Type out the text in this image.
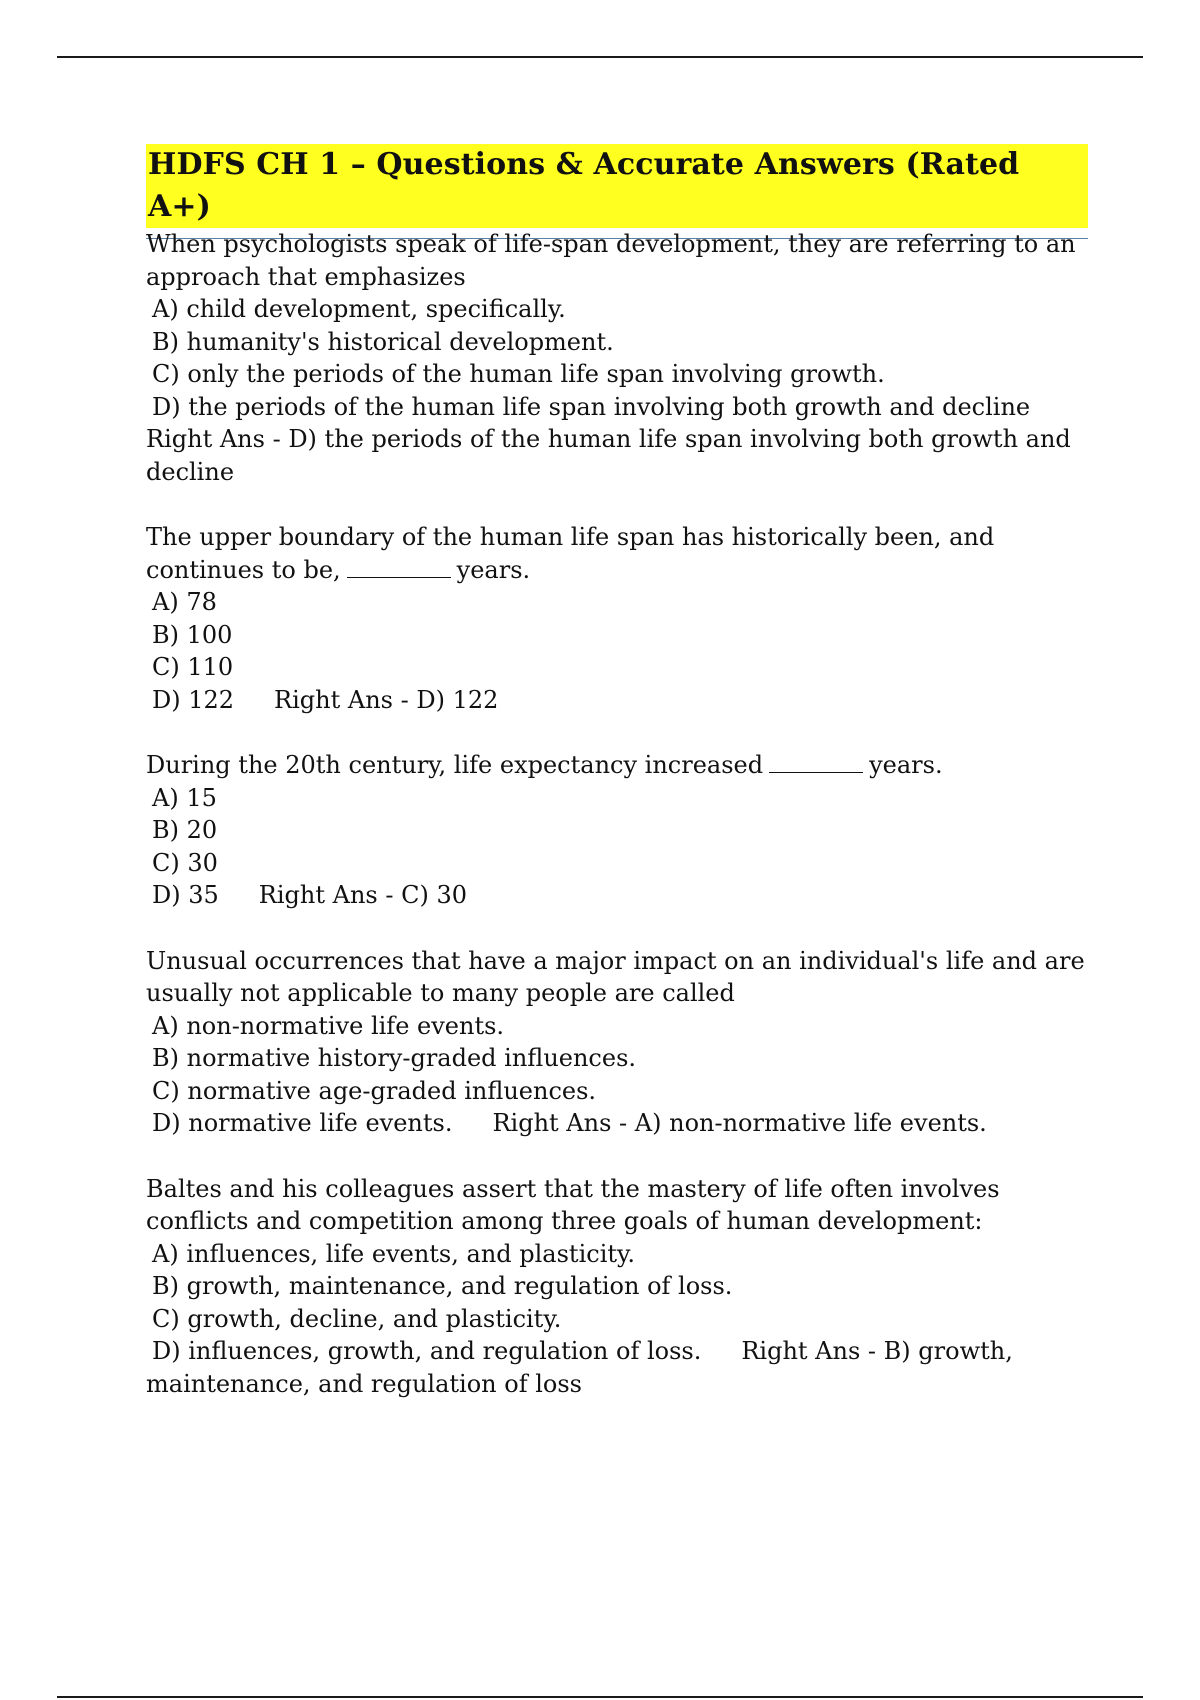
HDFS CH 1 – Questions & Accurate Answers (Rated A+)
When psychologists speak of life-span development, they are referring to an approach that emphasizes
A) child development, specifically.
B) humanity's historical development.
C) only the periods of the human life span involving growth.
D) the periods of the human life span involving both growth and decline
Right Ans - D) the periods of the human life span involving both growth and decline
The upper boundary of the human life span has historically been, and continues to be,	years.
A) 78
B) 100
C) 110
D) 122 Right Ans - D) 122
During the 20th century, life expectancy increased	years.
A) 15
B) 20
C) 30
D) 35 Right Ans - C) 30
Unusual occurrences that have a major impact on an individual's life and are usually not applicable to many people are called
A) non-normative life events.
B) normative history-graded influences.
C) normative age-graded influences.
D) normative life events. Right Ans - A) non-normative life events.
Baltes and his colleagues assert that the mastery of life often involves conflicts and competition among three goals of human development:
A) influences, life events, and plasticity.
B) growth, maintenance, and regulation of loss.
C) growth, decline, and plasticity.
D) influences, growth, and regulation of loss. Right Ans - B) growth, maintenance, and regulation of loss
